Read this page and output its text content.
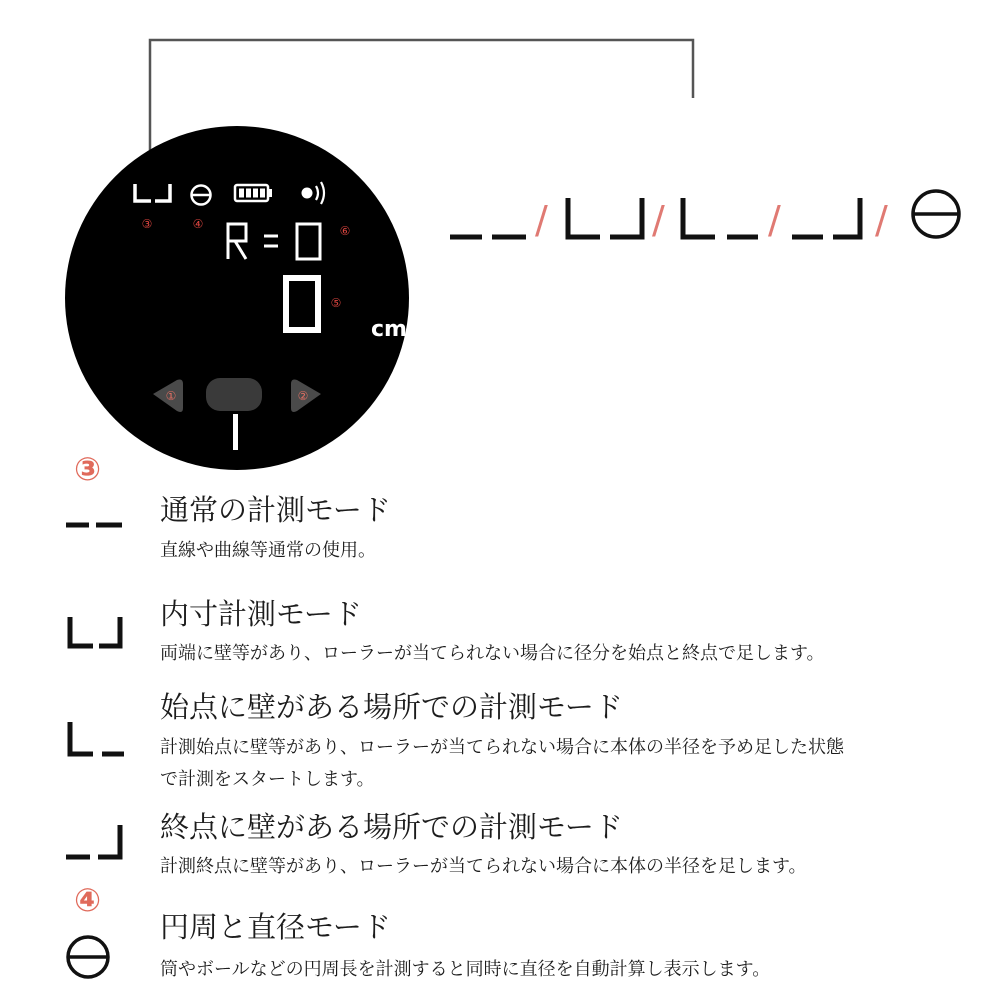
③	④	⑥
⑤
cm
①	②
/	/	/ /
③
④
通常の計測モード
直線や曲線等通常の使用。
内寸計測モード
両端に壁等があり、ローラーが当てられない場合に径分を始点と終点で足します。
始点に壁がある場所での計測モード
計測始点に壁等があり、ローラーが当てられない場合に本体の半径を予め足した状態
で計測をスタートします。
終点に壁がある場所での計測モード
計測終点に壁等があり、ローラーが当てられない場合に本体の半径を足します。
円周と直径モード
筒やボールなどの円周長を計測すると同時に直径を自動計算し表示します。
